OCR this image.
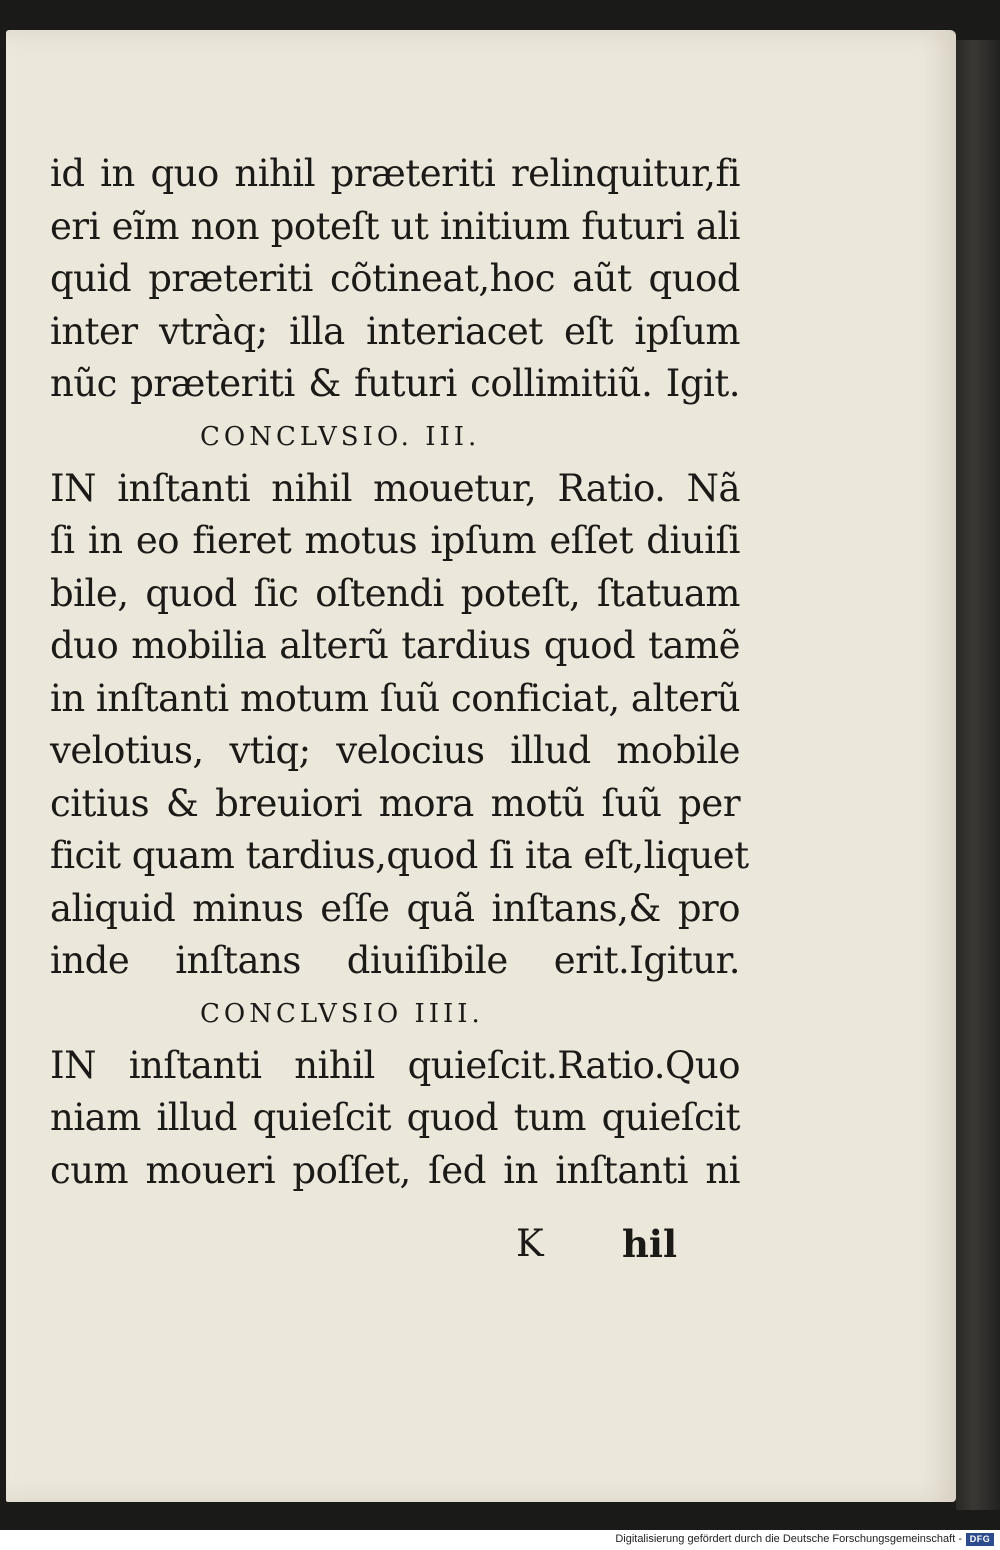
id in quo nihil præteriti relinquitur,fi
eri eĩm non poteſt ut initium futuri ali
quid præteriti cõtineat,hoc aũt quod
inter vtràq; illa interiacet eſt ipſum
nũc præteriti & futuri collimitiũ. Igit.
CONCLVSIO. III.
IN inſtanti nihil mouetur, Ratio. Nã
ſi in eo fieret motus ipſum eſſet diuiſi
bile, quod ſic oſtendi poteſt, ſtatuam
duo mobilia alterũ tardius quod tamẽ
in inſtanti motum ſuũ conficiat, alterũ
velotius, vtiq; velocius illud mobile
citius & breuiori mora motũ ſuũ per
ficit quam tardius,quod ſi ita eſt,liquet
aliquid minus eſſe quã inſtans,& pro
inde inſtans diuiſibile erit.Igitur.
CONCLVSIO IIII.
IN inſtanti nihil quieſcit.Ratio.Quo
niam illud quieſcit quod tum quieſcit
cum moueri poſſet, ſed in inſtanti ni
K hil
Digitalisierung gefördert durch die Deutsche Forschungsgemeinschaft - DFG
